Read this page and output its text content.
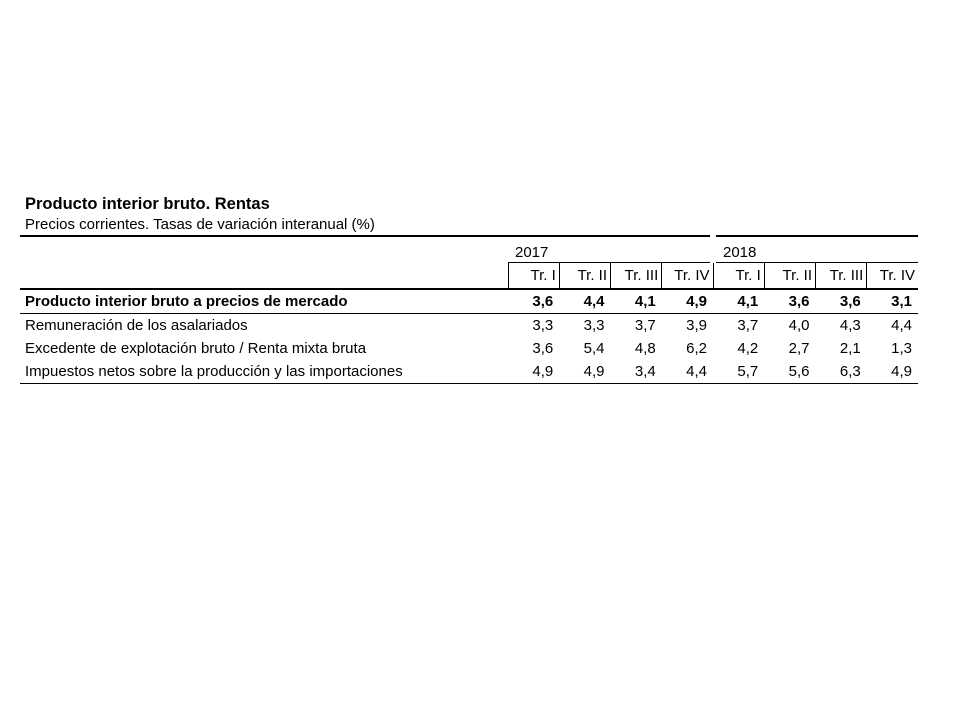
Producto interior bruto. Rentas
Precios corrientes. Tasas de variación interanual (%)
	2017				2018			
	Tr. I	Tr. II	Tr. III	Tr. IV	Tr. I	Tr. II	Tr. III	Tr. IV
Producto interior bruto a precios de mercado	3,6	4,4	4,1	4,9	4,1	3,6	3,6	3,1
Remuneración de los asalariados	3,3	3,3	3,7	3,9	3,7	4,0	4,3	4,4
Excedente de explotación bruto / Renta mixta bruta	3,6	5,4	4,8	6,2	4,2	2,7	2,1	1,3
Impuestos netos sobre la producción y las importaciones	4,9	4,9	3,4	4,4	5,7	5,6	6,3	4,9
